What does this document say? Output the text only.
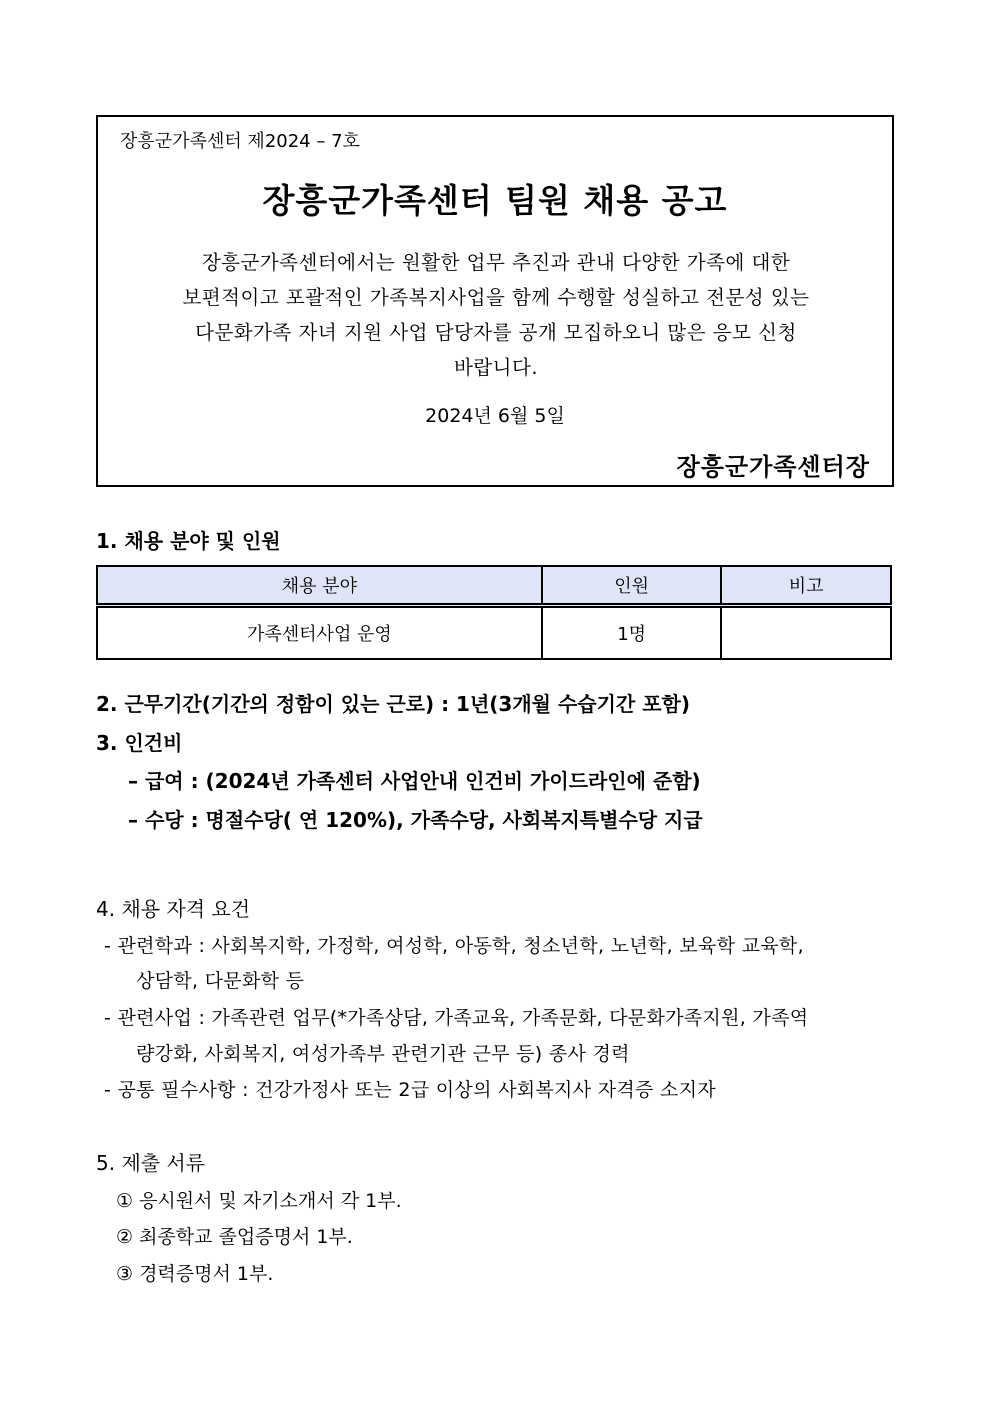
장흥군가족센터 제2024 – 7호
장흥군가족센터 팀원 채용 공고
장흥군가족센터에서는 원활한 업무 추진과 관내 다양한 가족에 대한
보편적이고 포괄적인 가족복지사업을 함께 수행할 성실하고 전문성 있는
다문화가족 자녀 지원 사업 담당자를 공개 모집하오니 많은 응모 신청
바랍니다.
2024년 6월 5일
장흥군가족센터장
1. 채용 분야 및 인원
채용 분야	인원	비고
가족센터사업 운영	1명	
2. 근무기간(기간의 정함이 있는 근로) : 1년(3개월 수습기간 포함)
3. 인건비
– 급여 : (2024년 가족센터 사업안내 인건비 가이드라인에 준함)
– 수당 : 명절수당( 연 120%), 가족수당, 사회복지특별수당 지급
4. 채용 자격 요건
- 관련학과 : 사회복지학, 가정학, 여성학, 아동학, 청소년학, 노년학, 보육학 교육학,
상담학, 다문화학 등
- 관련사업 : 가족관련 업무(*가족상담, 가족교육, 가족문화, 다문화가족지원, 가족역
량강화, 사회복지, 여성가족부 관련기관 근무 등) 종사 경력
- 공통 필수사항 : 건강가정사 또는 2급 이상의 사회복지사 자격증 소지자
5. 제출 서류
① 응시원서 및 자기소개서 각 1부.
② 최종학교 졸업증명서 1부.
③ 경력증명서 1부.
